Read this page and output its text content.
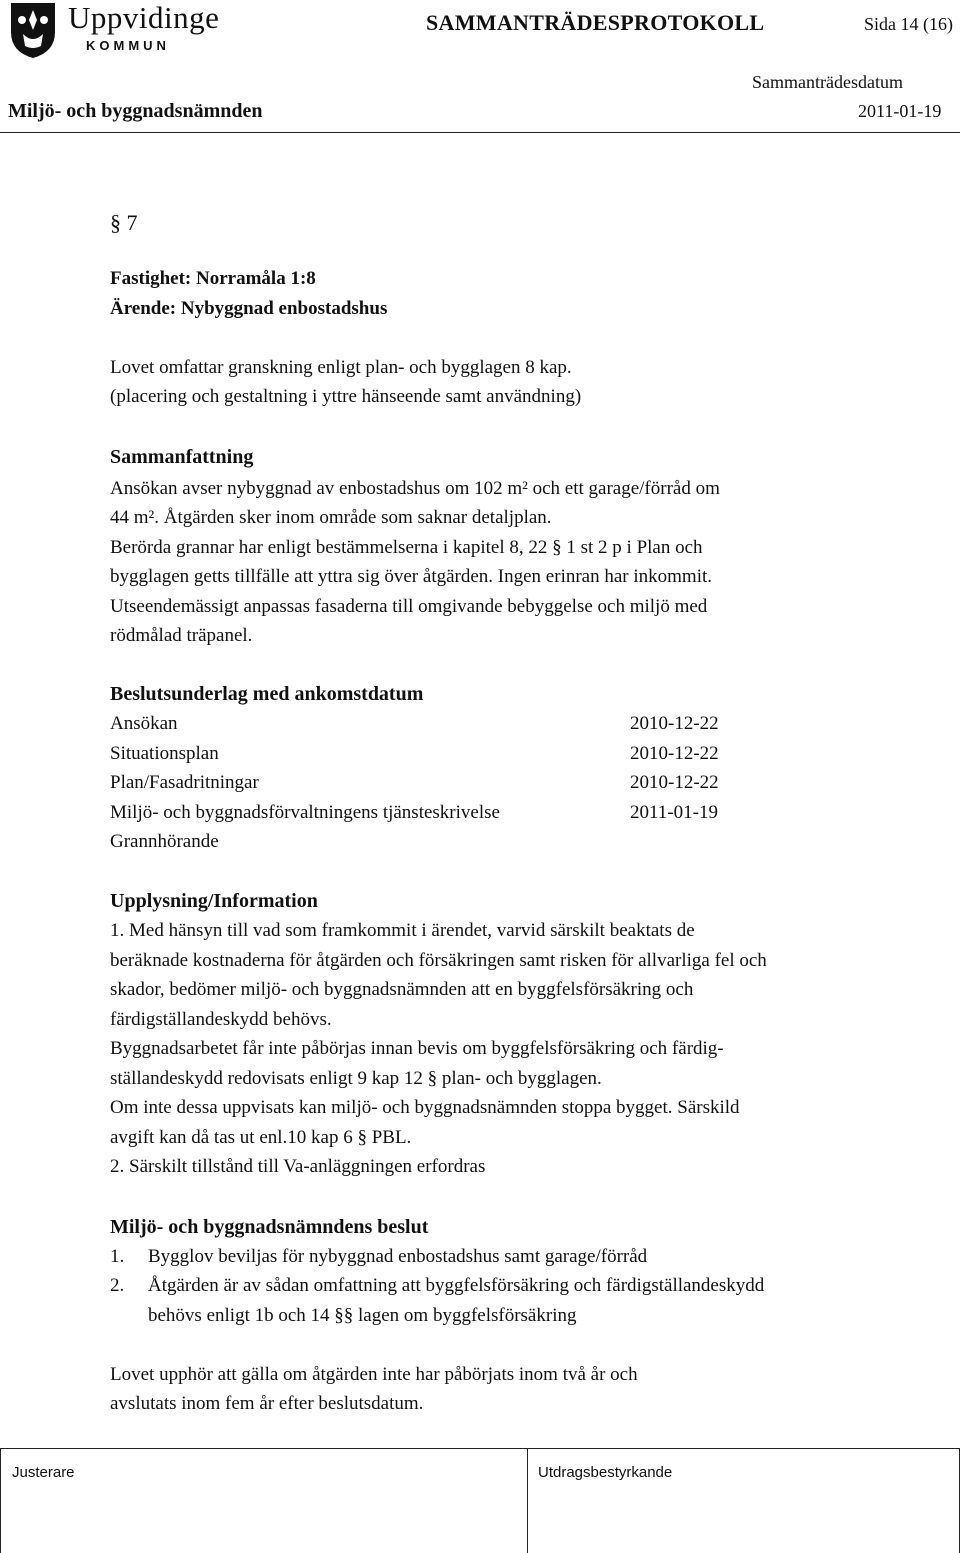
Uppvidinge
KOMMUN
SAMMANTRÄDESPROTOKOLL	Sida 14 (16)
Sammanträdesdatum
Miljö- och byggnadsnämnden	2011-01-19
§ 7
Fastighet: Norramåla 1:8
Ärende: Nybyggnad enbostadshus
Lovet omfattar granskning enligt plan- och bygglagen 8 kap.
(placering och gestaltning i yttre hänseende samt användning)
Sammanfattning
Ansökan avser nybyggnad av enbostadshus om 102 m² och ett garage/förråd om
44 m². Åtgärden sker inom område som saknar detaljplan.
Berörda grannar har enligt bestämmelserna i kapitel 8, 22 § 1 st 2 p i Plan och
bygglagen getts tillfälle att yttra sig över åtgärden. Ingen erinran har inkommit.
Utseendemässigt anpassas fasaderna till omgivande bebyggelse och miljö med
rödmålad träpanel.
Beslutsunderlag med ankomstdatum
Ansökan	2010-12-22
Situationsplan	2010-12-22
Plan/Fasadritningar	2010-12-22
Miljö- och byggnadsförvaltningens tjänsteskrivelse	2011-01-19
Grannhörande
Upplysning/Information
1. Med hänsyn till vad som framkommit i ärendet, varvid särskilt beaktats de
beräknade kostnaderna för åtgärden och försäkringen samt risken för allvarliga fel och
skador, bedömer miljö- och byggnadsnämnden att en byggfelsförsäkring och
färdigställandeskydd behövs.
Byggnadsarbetet får inte påbörjas innan bevis om byggfelsförsäkring och färdig-
ställandeskydd redovisats enligt 9 kap 12 § plan- och bygglagen.
Om inte dessa uppvisats kan miljö- och byggnadsnämnden stoppa bygget. Särskild
avgift kan då tas ut enl.10 kap 6 § PBL.
2. Särskilt tillstånd till Va-anläggningen erfordras
Miljö- och byggnadsnämndens beslut
1. Bygglov beviljas för nybyggnad enbostadshus samt garage/förråd
2. Åtgärden är av sådan omfattning att byggfelsförsäkring och färdigställandeskydd
behövs enligt 1b och 14 §§ lagen om byggfelsförsäkring
Lovet upphör att gälla om åtgärden inte har påbörjats inom två år och
avslutats inom fem år efter beslutsdatum.
Justerare	Utdragsbestyrkande
